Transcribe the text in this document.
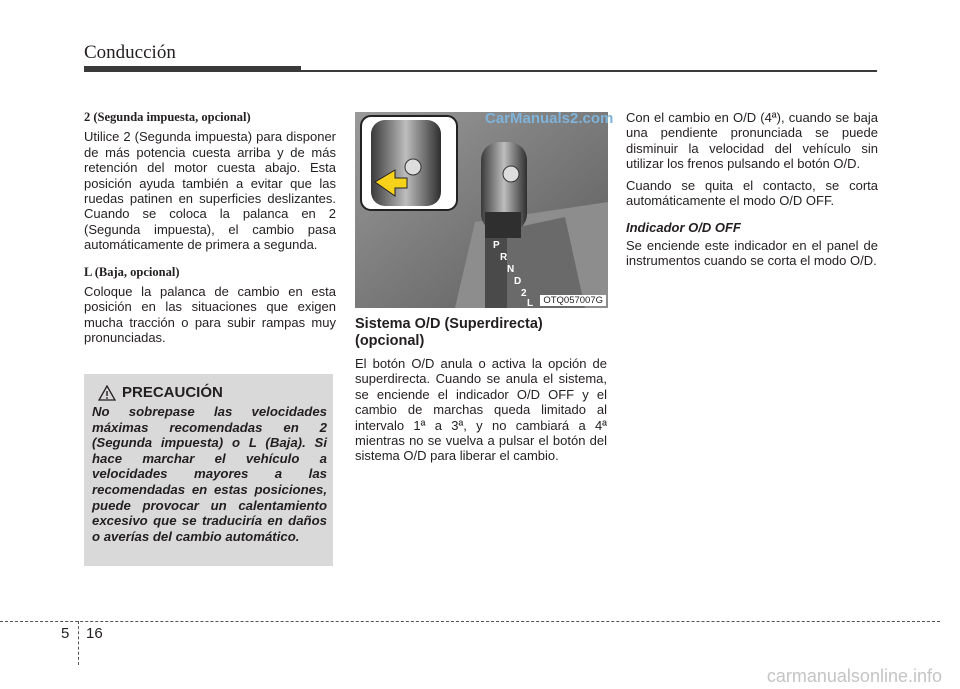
Conducción
2 (Segunda impuesta, opcional)

Utilice 2 (Segunda impuesta) para disponer de más potencia cuesta arriba y de más retención del motor cuesta abajo. Esta posición ayuda también a evitar que las ruedas patinen en superficies deslizantes. Cuando se coloca la palanca en 2 (Segunda impuesta), el cambio pasa automáticamente de primera a segunda.

L (Baja, opcional)

Coloque la palanca de cambio en esta posición en las situaciones que exigen mucha tracción o para subir rampas muy pronunciadas.

PRECAUCIÓN
No sobrepase las velocidades máximas recomendadas en 2 (Segunda impuesta) o L (Baja). Si hace marchar el vehículo a velocidades mayores a las recomendadas en estas posiciones, puede provocar un calentamiento excesivo que se traduciría en daños o averías del cambio automático.
P
R
N
D
2
L	OTQ057007G
CarManuals2.com
Sistema O/D (Superdirecta) (opcional)

El botón O/D anula o activa la opción de superdirecta. Cuando se anula el sistema, se enciende el indicador O/D OFF y el cambio de marchas queda limitado al intervalo 1ª a 3ª, y no cambiará a 4ª mientras no se vuelva a pulsar el botón del sistema O/D para liberar el cambio.

Con el cambio en O/D (4ª), cuando se baja una pendiente pronunciada se puede disminuir la velocidad del vehículo sin utilizar los frenos pulsando el botón O/D.

Cuando se quita el contacto, se corta automáticamente el modo O/D OFF.

Indicador O/D OFF

Se enciende este indicador en el panel de instrumentos cuando se corta el modo O/D.

5 16
carmanualsonline.info
